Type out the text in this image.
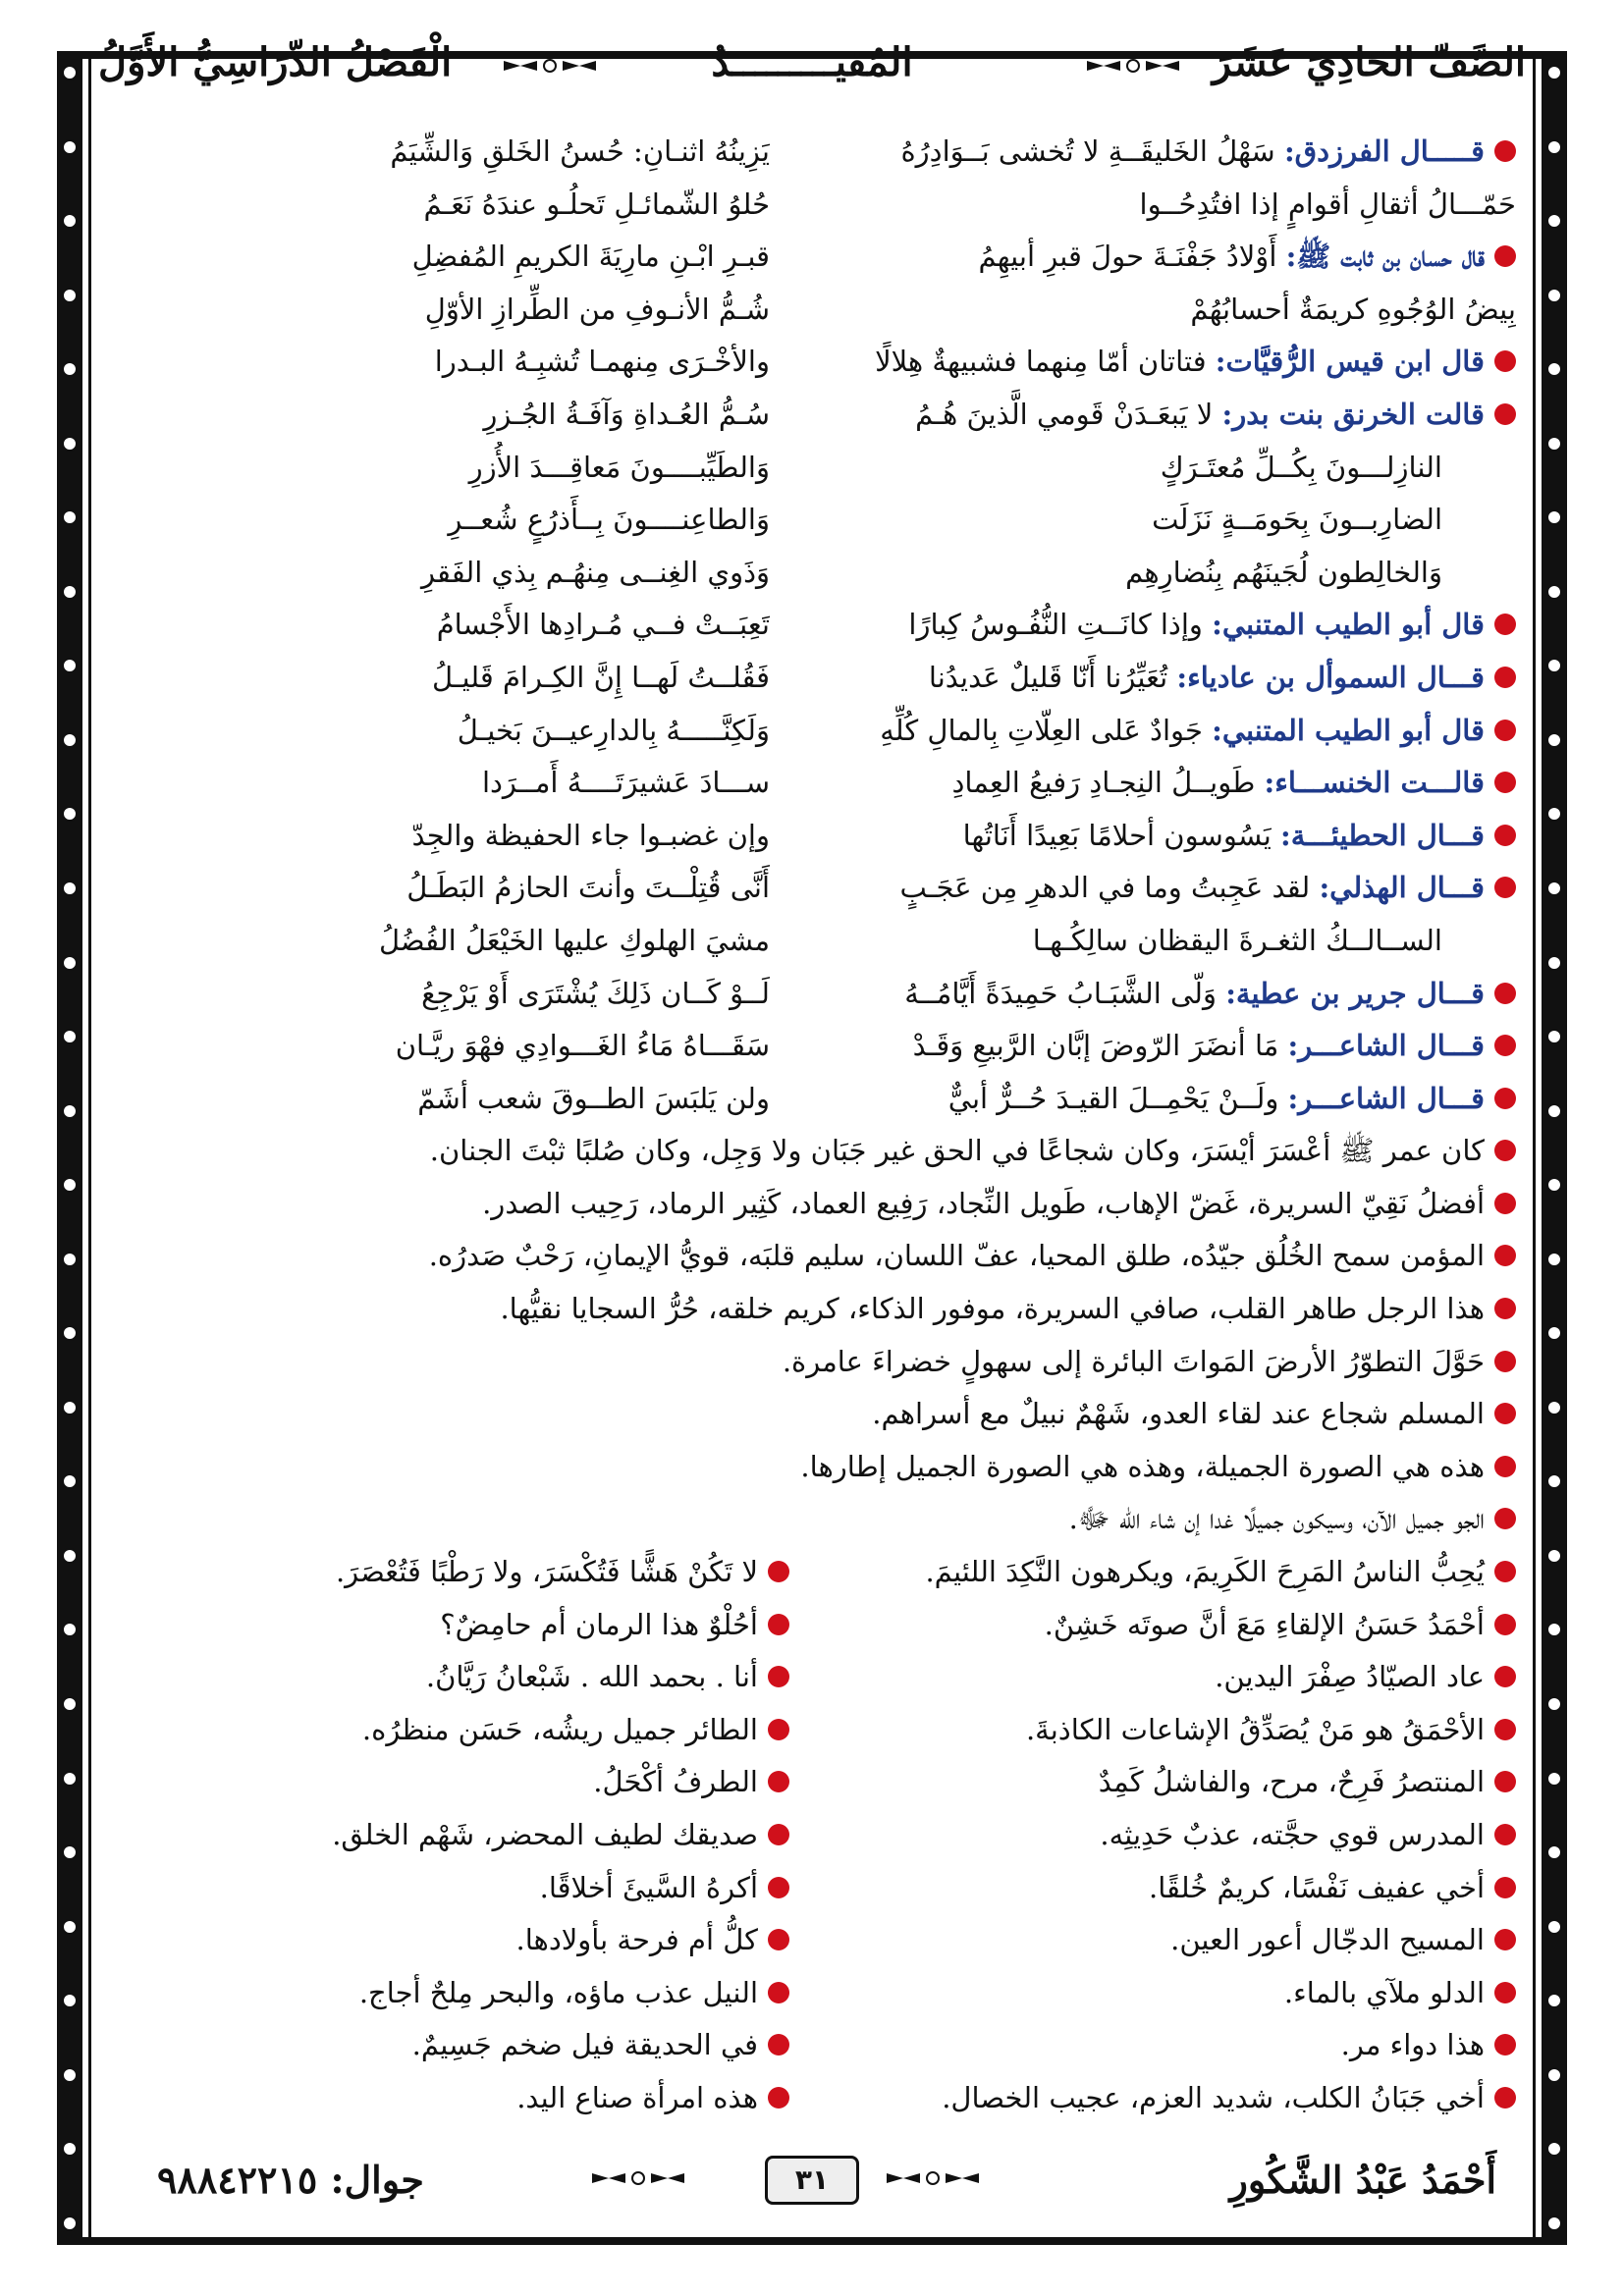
الصَّفّ الحَادِيَ عَشَرَ
المُفيـــــــــدُ
الْفَصْلُ الدِّرَاسِيُّ الأَوَّلُ
قـــــال الفرزدق: سَهْلُ الخَليقَــةِ لا تُخشى بَــوَادِرُهُ
يَزِينُهُ اثنـانِ: حُسنُ الخَلقِ وَالشِّيَمُ
حَمّـــالُ أثقالِ أقوامٍ إذا افتُدِحُــوا
حُلوُ الشّمائـلِ تَحلُـو عندَهُ نَعَـمُ
قال حسان بن ثابت ﷺ: أَوْلادُ جَفْنَـةَ حولَ قبرِ أبيهِمُ
قبـرِ ابْـنِ مارِيَةَ الكريمِ المُفضِلِ
بِيضُ الوُجُوهِ كريمَةٌ أحسابُهُمْ
شُـمُّ الأنـوفِ من الطِّرازِ الأوّلِ
قال ابن قيس الرُّقيَّات: فتاتان أمّا مِنهما فشبيهةٌ هِلالًا
والأخْـرَى مِنهمـا تُشبِـهُ البـدرا
قالت الخرنق بنت بدر: لا يَبعَـدَنْ قَومي الَّذينَ هُـمُ
سُـمُّ العُـداةِ وَآفَـةُ الجُـزرِ
النازِلـــونَ بِكُــلِّ مُعتَـرَكٍ
وَالطَيِّبــــونَ مَعاقِـــدَ الأُزرِ
الضارِبــونَ بِحَومَــةٍ نَزَلَت
وَالطاعِنــــونَ بِــأَذرُعٍ شُعــرِ
وَالخالِطون لُجَينَهُم بِنُضارِهِم
وَذَوي الغِنــى مِنهُـم بِذي الفَقرِ
قال أبو الطيب المتنبي: وإذا كانَــتِ النُّفُـوسُ كِبارًا
تَعِبَــتْ فــي مُـرادِها الأَجْسامُ
قـــال السموأل بن عادياء: تُعَيِّرُنا أَنّا قَليلٌ عَديدُنا
فَقُلــتُ لَهــا إِنَّ الكِـرامَ قَليـلُ
قال أبو الطيب المتنبي: جَوادٌ عَلى العِلّاتِ بِالمالِ كُلِّهِ
وَلَكِنَّـــــهُ بِالدارِعيــنَ بَخيـلُ
قالـــت الخنســـاء: طَويــلُ النِجـادِ رَفيعُ العِمادِ
ســـادَ عَشيرَتَــــهُ أَمــرَدا
قـــال الحطيئـــة: يَسُوسون أحلامًا بَعِيدًا أَنَاتُها
وإن غضبـوا جاء الحفيظة والجِدّ
قـــال الهذلي: لقد عَجِبتُ وما في الدهرِ مِن عَجَـبٍ
أَنَّى قُتِلْــتَ وأنتَ الحازمُ البَطَـلُ
الســالــكُ الثغـرةَ اليقظان سالِكُـهـا
مشيَ الهلوكِ عليها الخَيْعَلُ الفُضُلُ
قـــال جرير بن عطية: وَلّى الشَّبَـابُ حَمِيدَةً أَيَّامُــهُ
لَــوْ كَــان ذَلِكَ يُشْتَرَى أَوْ يَرْجِعُ
قـــال الشاعـــر: مَا أنضَرَ الرّوضَ إبَّان الرَّبيعِ وَقَـدْ
سَقَـــاهُ مَاءُ الغَـــوادِي فهْوَ ريَّـان
قـــال الشاعـــر: ولَــنْ يَحْمِــلَ القيـدَ حُــرٌّ أبيٌّ
ولن يَلبَسَ الطــوقَ شعب أشَمّ
كان عمر ﷺ أعْسَرَ أيْسَرَ، وكان شجاعًا في الحق غير جَبَان ولا وَجِل، وكان صُلبًا ثبْتَ الجنان.
أفضلُ نَقِيّ السريرة، غَضّ الإهاب، طَويل النِّجاد، رَفِيع العماد، كَثِير الرماد، رَحِيب الصدر.
المؤمن سمح الخُلُق جيّدُه، طلق المحيا، عفّ اللسان، سليم قلبَه، قويُّ الإيمانِ، رَحْبٌ صَدرُه.
هذا الرجل طاهر القلب، صافي السريرة، موفور الذكاء، كريم خلقه، حُرُّ السجايا نقيُّها.
حَوَّلَ التطوّرُ الأرضَ المَواتَ البائرة إلى سهولٍ خضراءَ عامرة.
المسلم شجاع عند لقاء العدو، شَهْمٌ نبيلٌ مع أسراهم.
هذه هي الصورة الجميلة، وهذه هي الصورة الجميل إطارها.
الجو جميل الآن، وسيكون جميلًا غدا إن شاء الله ﷻ.
يُحِبُّ الناسُ المَرِحَ الكَرِيمَ، ويكرهون النَّكِدَ اللئيمَ.
لا تَكُنْ هَشًّا فَتُكْسَرَ، ولا رَطْبًا فَتُعْصَرَ.
أحْمَدُ حَسَنُ الإلقاءِ مَعَ أنَّ صوتَه خَشِنٌ.
أحُلْوٌ هذا الرمان أم حامِضٌ؟
عاد الصيّادُ صِفْرَ اليدين.
أنا . بحمد الله . شَبْعانُ رَيَّانُ.
الأحْمَقُ هو مَنْ يُصَدِّقُ الإشاعات الكاذبةَ.
الطائر جميل ريشُه، حَسَن منظرُه.
المنتصرُ فَرِحٌ، مرح، والفاشلُ كَمِدٌ
الطرفُ أكْحَلُ.
المدرس قوي حجَّته، عذبٌ حَدِيثِه.
صديقك لطيف المحضر، شَهْم الخلق.
أخي عفيف نَفْسًا، كريمٌ خُلقًا.
أكرهُ السَّيئَ أخلاقًا.
المسيح الدجّال أعور العين.
كلُّ أم فرحة بأولادها.
الدلو ملآي بالماء.
النيل عذب ماؤه، والبحر مِلحٌ أجاج.
هذا دواء مر.
في الحديقة فيل ضخم جَسِيمٌ.
أخي جَبَانُ الكلب، شديد العزم، عجيب الخصال.
هذه امرأة صناع اليد.
أَحْمَدُ عَبْدُ الشَّكُورِ
جوال: ٩٨٨٤٢٢١٥	٣١
